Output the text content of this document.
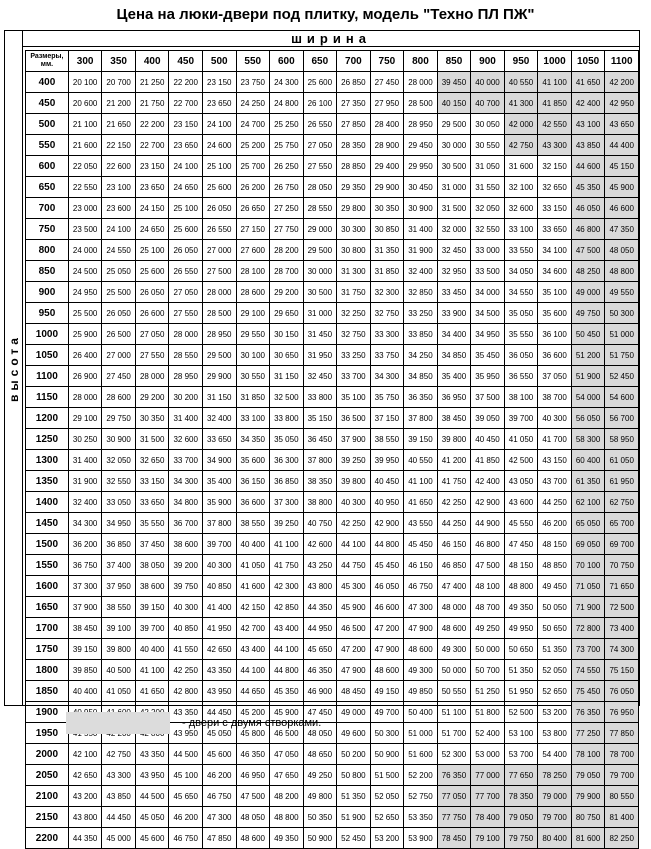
Цена на люки-двери под плитку, модель "Техно ПЛ ПЖ"
высота
ширина
Размеры, мм.	300	350	400	450	500	550	600	650	700	750	800	850	900	950	1000	1050	1100
400	20 100	20 700	21 250	22 200	23 150	23 750	24 300	25 600	26 850	27 450	28 000	39 450	40 000	40 550	41 100	41 650	42 200
450	20 600	21 200	21 750	22 700	23 650	24 250	24 800	26 100	27 350	27 950	28 500	40 150	40 700	41 300	41 850	42 400	42 950
500	21 100	21 650	22 200	23 150	24 100	24 700	25 250	26 550	27 850	28 400	28 950	29 500	30 050	42 000	42 550	43 100	43 650
550	21 600	22 150	22 700	23 650	24 600	25 200	25 750	27 050	28 350	28 900	29 450	30 000	30 550	42 750	43 300	43 850	44 400
600	22 050	22 600	23 150	24 100	25 100	25 700	26 250	27 550	28 850	29 400	29 950	30 500	31 050	31 600	32 150	44 600	45 150
650	22 550	23 100	23 650	24 650	25 600	26 200	26 750	28 050	29 350	29 900	30 450	31 000	31 550	32 100	32 650	45 350	45 900
700	23 000	23 600	24 150	25 100	26 050	26 650	27 250	28 550	29 800	30 350	30 900	31 500	32 050	32 600	33 150	46 050	46 600
750	23 500	24 100	24 650	25 600	26 550	27 150	27 750	29 000	30 300	30 850	31 400	32 000	32 550	33 100	33 650	46 800	47 350
800	24 000	24 550	25 100	26 050	27 000	27 600	28 200	29 500	30 800	31 350	31 900	32 450	33 000	33 550	34 100	47 500	48 050
850	24 500	25 050	25 600	26 550	27 500	28 100	28 700	30 000	31 300	31 850	32 400	32 950	33 500	34 050	34 600	48 250	48 800
900	24 950	25 500	26 050	27 050	28 000	28 600	29 200	30 500	31 750	32 300	32 850	33 450	34 000	34 550	35 100	49 000	49 550
950	25 500	26 050	26 600	27 550	28 500	29 100	29 650	31 000	32 250	32 750	33 250	33 900	34 500	35 050	35 600	49 750	50 300
1000	25 900	26 500	27 050	28 000	28 950	29 550	30 150	31 450	32 750	33 300	33 850	34 400	34 950	35 550	36 100	50 450	51 000
1050	26 400	27 000	27 550	28 550	29 500	30 100	30 650	31 950	33 250	33 750	34 250	34 850	35 450	36 050	36 600	51 200	51 750
1100	26 900	27 450	28 000	28 950	29 900	30 550	31 150	32 450	33 700	34 300	34 850	35 400	35 950	36 550	37 050	51 900	52 450
1150	28 000	28 600	29 200	30 200	31 150	31 850	32 500	33 800	35 100	35 750	36 350	36 950	37 500	38 100	38 700	54 000	54 600
1200	29 100	29 750	30 350	31 400	32 400	33 100	33 800	35 150	36 500	37 150	37 800	38 450	39 050	39 700	40 300	56 050	56 700
1250	30 250	30 900	31 500	32 600	33 650	34 350	35 050	36 450	37 900	38 550	39 150	39 800	40 450	41 050	41 700	58 300	58 950
1300	31 400	32 050	32 650	33 700	34 900	35 600	36 300	37 800	39 250	39 950	40 550	41 200	41 850	42 500	43 150	60 400	61 050
1350	31 900	32 550	33 150	34 300	35 400	36 150	36 850	38 350	39 800	40 450	41 100	41 750	42 400	43 050	43 700	61 350	61 950
1400	32 400	33 050	33 650	34 800	35 900	36 600	37 300	38 800	40 300	40 950	41 650	42 250	42 900	43 600	44 250	62 100	62 750
1450	34 300	34 950	35 550	36 700	37 800	38 550	39 250	40 750	42 250	42 900	43 550	44 250	44 900	45 550	46 200	65 050	65 700
1500	36 200	36 850	37 450	38 600	39 700	40 400	41 100	42 600	44 100	44 800	45 450	46 150	46 800	47 450	48 150	69 050	69 700
1550	36 750	37 400	38 050	39 200	40 300	41 050	41 750	43 250	44 750	45 450	46 150	46 850	47 500	48 150	48 850	70 100	70 750
1600	37 300	37 950	38 600	39 750	40 850	41 600	42 300	43 800	45 300	46 050	46 750	47 400	48 100	48 800	49 450	71 050	71 650
1650	37 900	38 550	39 150	40 300	41 400	42 150	42 850	44 350	45 900	46 600	47 300	48 000	48 700	49 350	50 050	71 900	72 500
1700	38 450	39 100	39 700	40 850	41 950	42 700	43 400	44 950	46 500	47 200	47 900	48 600	49 250	49 950	50 650	72 800	73 400
1750	39 150	39 800	40 400	41 550	42 650	43 400	44 100	45 650	47 200	47 900	48 600	49 300	50 000	50 650	51 350	73 700	74 300
1800	39 850	40 500	41 100	42 250	43 350	44 100	44 800	46 350	47 900	48 600	49 300	50 000	50 700	51 350	52 050	74 550	75 150
1850	40 400	41 050	41 650	42 800	43 950	44 650	45 350	46 900	48 450	49 150	49 850	50 550	51 250	51 950	52 650	75 450	76 050
1900				43 350	44 450	45 200	45 900	47 450	49 000	49 700	50 400	51 100	51 800	52 500	53 200	76 350	76 950
1950				43 950	45 050	45 800	46 500	48 050	49 600	50 300	51 000	51 700	52 400	53 100	53 800	77 250	77 850
2000	42 100	42 750	43 350	44 500	45 600	46 350	47 050	48 650	50 200	50 900	51 600	52 300	53 000	53 700	54 400	78 100	78 700
2050	42 650	43 300	43 950	45 100	46 200	46 950	47 650	49 250	50 800	51 500	52 200	76 350	77 000	77 650	78 250	79 050	79 700
2100	43 200	43 850	44 500	45 650	46 750	47 500	48 200	49 800	51 350	52 050	52 750	77 050	77 700	78 350	79 000	79 900	80 550
2150	43 800	44 450	45 050	46 200	47 300	48 050	48 800	50 350	51 900	52 650	53 350	77 750	78 400	79 050	79 700	80 750	81 400
2200	44 350	45 000	45 600	46 750	47 850	48 600	49 350	50 900	52 450	53 200	53 900	78 450	79 100	79 750	80 400	81 600	82 250
- двери с двумя створками.
